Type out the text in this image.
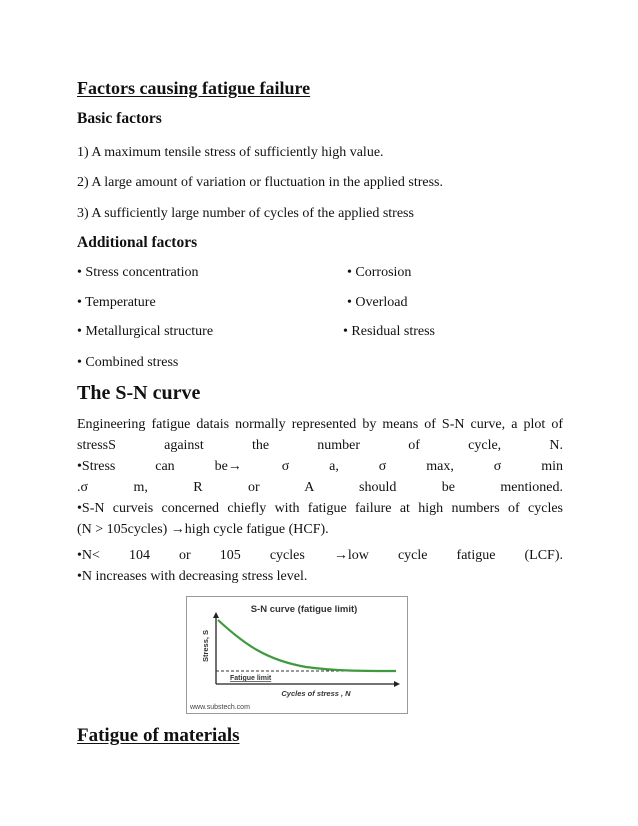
Factors causing fatigue failure
Basic factors
1) A maximum tensile stress of sufficiently high value.
2) A large amount of variation or fluctuation in the applied stress.
3) A sufficiently large number of cycles of the applied stress
Additional factors
• Stress concentration
• Temperature
• Metallurgical structure
• Combined stress
• Corrosion
• Overload
• Residual stress
The S-N curve
Engineering fatigue datais normally represented by means of S-N curve, a plot of
stressS against the number of cycle, N.
•Stress can be→ σ a, σ max, σ min
.σ m, R or A should be mentioned.
•S-N curveis concerned chiefly with fatigue failure at high numbers of cycles
(N > 105cycles) →high cycle fatigue (HCF).
•N< 104 or 105 cycles →low cycle fatigue (LCF).
•N increases with decreasing stress level.
S-N curve (fatigue limit)
Stress, S
Fatigue limit
Cycles of stress , N
www.substech.com
Fatigue of materials
